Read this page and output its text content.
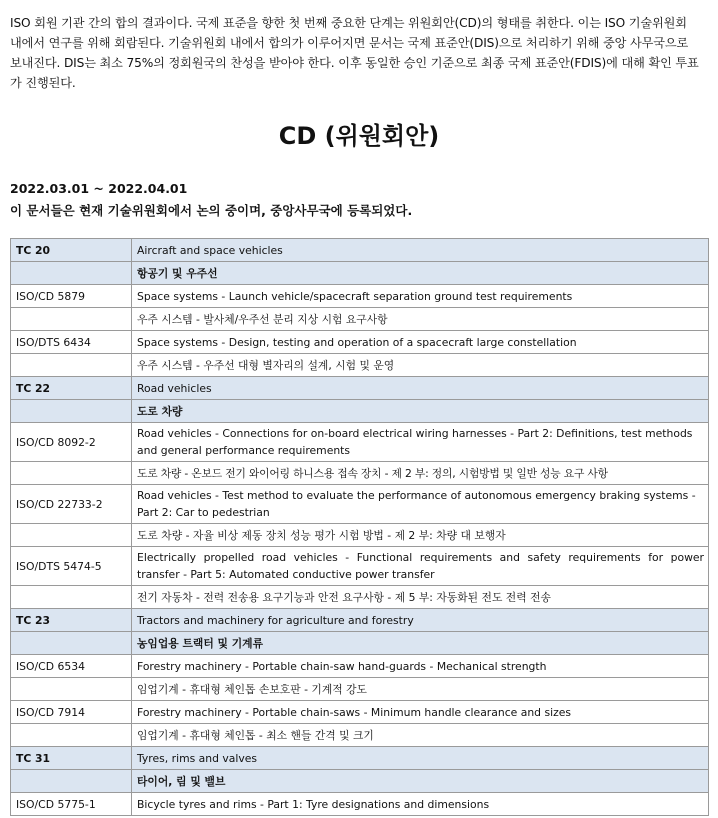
ISO 회원 기관 간의 합의 결과이다. 국제 표준을 향한 첫 번째 중요한 단계는 위원회안(CD)의 형태를 취한다. 이는 ISO 기술위원회 내에서 연구를 위해 회람된다. 기술위원회 내에서 합의가 이루어지면 문서는 국제 표준안(DIS)으로 처리하기 위해 중앙 사무국으로 보내진다. DIS는 최소 75%의 정회원국의 찬성을 받아야 한다. 이후 동일한 승인 기준으로 최종 국제 표준안(FDIS)에 대해 확인 투표가 진행된다.

CD (위원회안)

2022.03.01 ~ 2022.04.01

이 문서들은 현재 기술위원회에서 논의 중이며, 중앙사무국에 등록되었다.

TC 20	Aircraft and space vehicles
	항공기 및 우주선
ISO/CD 5879	Space systems - Launch vehicle/spacecraft separation ground test requirements
	우주 시스템 - 발사체/우주선 분리 지상 시험 요구사항
ISO/DTS 6434	Space systems - Design, testing and operation of a spacecraft large constellation
	우주 시스템 - 우주선 대형 별자리의 설계, 시험 및 운영
TC 22	Road vehicles
	도로 차량
ISO/CD 8092-2	Road vehicles - Connections for on-board electrical wiring harnesses - Part 2: Definitions, test methods and general performance requirements
	도로 차량 - 온보드 전기 와이어링 하니스용 접속 장치 - 제 2 부: 정의, 시험방법 및 일반 성능 요구 사항
ISO/CD 22733-2	Road vehicles - Test method to evaluate the performance of autonomous emergency braking systems - Part 2: Car to pedestrian
	도로 차량 - 자율 비상 제동 장치 성능 평가 시험 방법 - 제 2 부: 차량 대 보행자
ISO/DTS 5474-5	Electrically propelled road vehicles - Functional requirements and safety requirements for power transfer - Part 5: Automated conductive power transfer
	전기 자동차 - 전력 전송용 요구기능과 안전 요구사항 - 제 5 부: 자동화된 전도 전력 전송
TC 23	Tractors and machinery for agriculture and forestry
	농임업용 트랙터 및 기계류
ISO/CD 6534	Forestry machinery - Portable chain-saw hand-guards - Mechanical strength
	임업기계 - 휴대형 체인톱 손보호판 - 기계적 강도
ISO/CD 7914	Forestry machinery - Portable chain-saws - Minimum handle clearance and sizes
	임업기계 - 휴대형 체인톱 - 최소 핸들 간격 및 크기
TC 31	Tyres, rims and valves
	타이어, 림 및 밸브
ISO/CD 5775-1	Bicycle tyres and rims - Part 1: Tyre designations and dimensions
